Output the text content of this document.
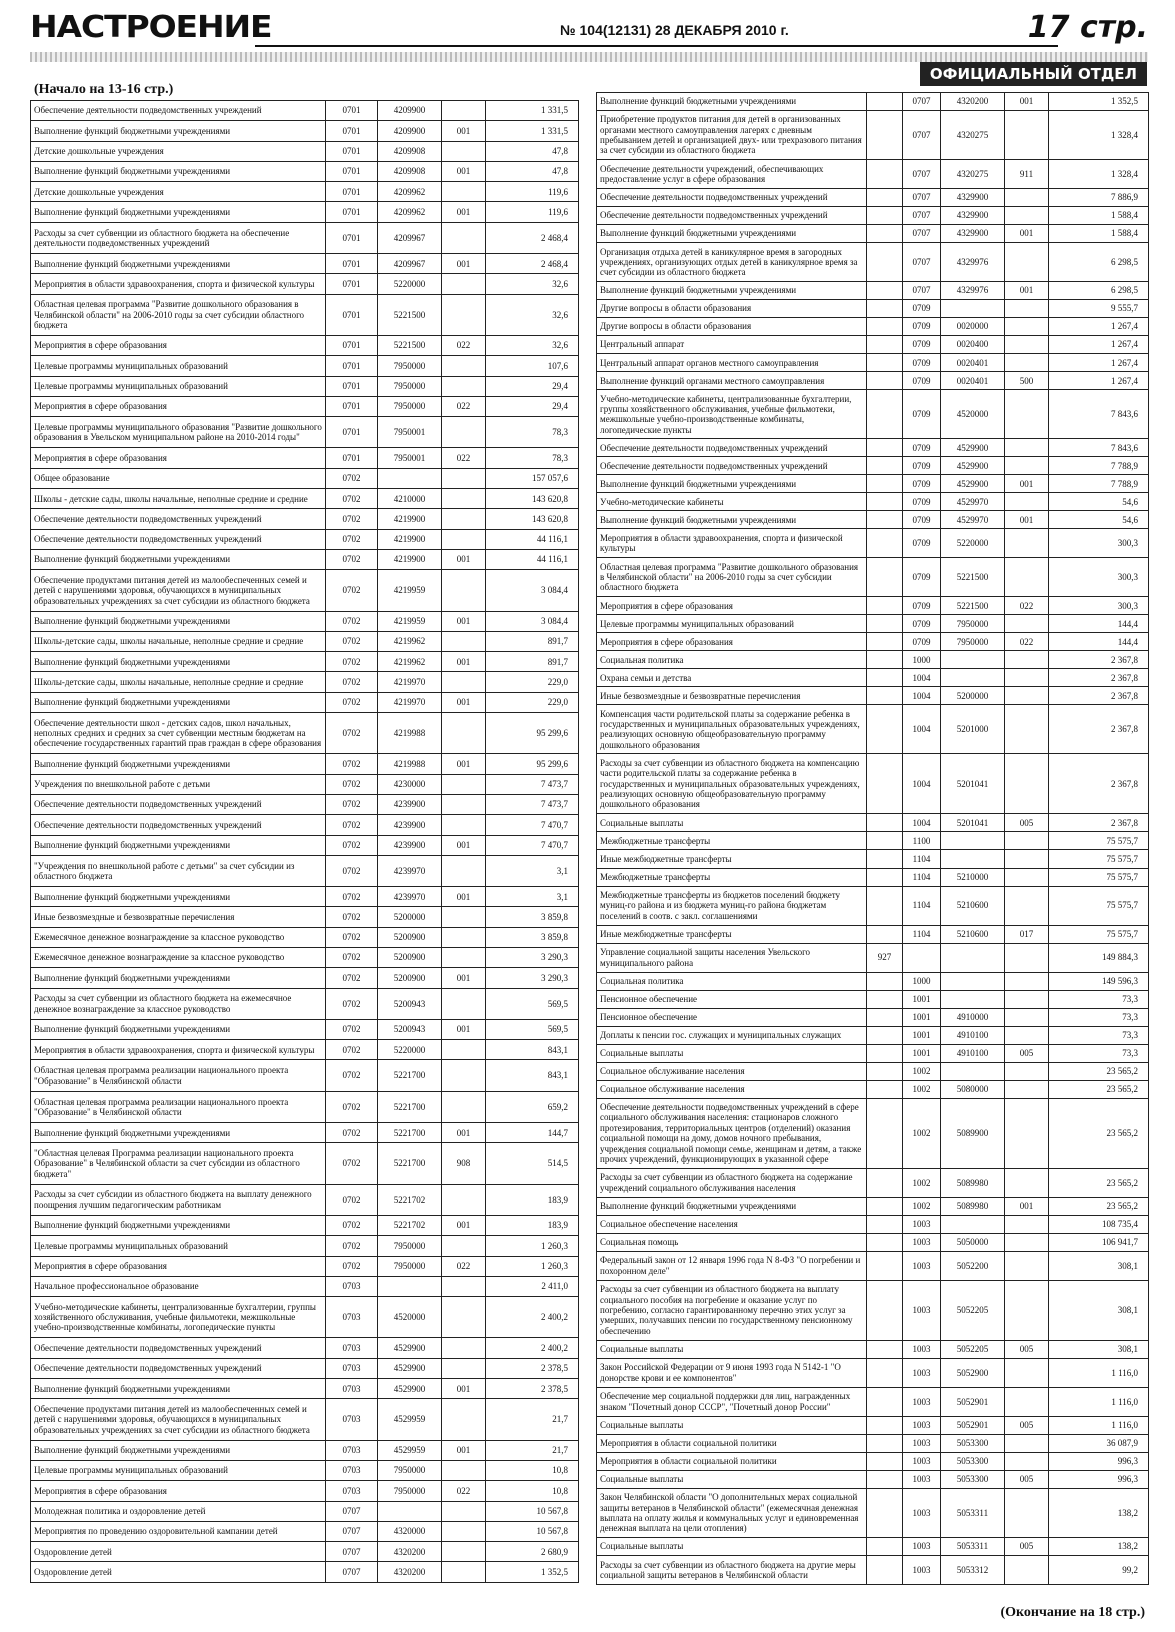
НАСТРОЕНИЕ	№ 104(12131) 28 ДЕКАБРЯ 2010 г.	17 стр.
ОФИЦИАЛЬНЫЙ ОТДЕЛ
(Начало на 13-16 стр.)
Обеспечение деятельности подведомственных учреждений		0701	4209900		1 331,5
Выполнение функций бюджетными учреждениями		0701	4209900	001	1 331,5
Детские дошкольные учреждения		0701	4209908		47,8
Выполнение функций бюджетными учреждениями		0701	4209908	001	47,8
Детские дошкольные учреждения		0701	4209962		119,6
Выполнение функций бюджетными учреждениями		0701	4209962	001	119,6
Расходы за счет субвенции из областного бюджета на обеспечение деятельности подведомственных учреждений		0701	4209967		2 468,4
Выполнение функций бюджетными учреждениями		0701	4209967	001	2 468,4
Мероприятия в области здравоохранения, спорта и физической культуры		0701	5220000		32,6
Областная целевая программа "Развитие дошкольного образования в Челябинской области" на 2006-2010 годы за счет субсидии областного бюджета		0701	5221500		32,6
Мероприятия в сфере образования		0701	5221500	022	32,6
Целевые программы муниципальных образований		0701	7950000		107,6
Целевые программы муниципальных образований		0701	7950000		29,4
Мероприятия в сфере образования		0701	7950000	022	29,4
Целевые программы муниципального образования "Развитие дошкольного образования в Увельском муниципальном районе на 2010-2014 годы"		0701	7950001		78,3
Мероприятия в сфере образования		0701	7950001	022	78,3
Общее образование		0702			157 057,6
Школы - детские сады, школы начальные, неполные средние и средние		0702	4210000		143 620,8
Обеспечение деятельности подведомственных учреждений		0702	4219900		143 620,8
Обеспечение деятельности подведомственных учреждений		0702	4219900		44 116,1
Выполнение функций бюджетными учреждениями		0702	4219900	001	44 116,1
Обеспечение продуктами питания детей из малообеспеченных семей и детей с нарушениями здоровья, обучающихся в муниципальных образовательных учреждениях за счет субсидии из областного бюджета		0702	4219959		3 084,4
Выполнение функций бюджетными учреждениями		0702	4219959	001	3 084,4
Школы-детские сады, школы начальные, неполные средние и средние		0702	4219962		891,7
Выполнение функций бюджетными учреждениями		0702	4219962	001	891,7
Школы-детские сады, школы начальные, неполные средние и средние		0702	4219970		229,0
Выполнение функций бюджетными учреждениями		0702	4219970	001	229,0
Обеспечение деятельности школ - детских садов, школ начальных, неполных средних и средних за счет субвенции местным бюджетам на обеспечение государственных гарантий прав граждан в сфере образования		0702	4219988		95 299,6
Выполнение функций бюджетными учреждениями		0702	4219988	001	95 299,6
Учреждения по внешкольной работе с детьми		0702	4230000		7 473,7
Обеспечение деятельности подведомственных учреждений		0702	4239900		7 473,7
Обеспечение деятельности подведомственных учреждений		0702	4239900		7 470,7
Выполнение функций бюджетными учреждениями		0702	4239900	001	7 470,7
"Учреждения по внешкольной работе с детьми" за счет субсидии из областного бюджета		0702	4239970		3,1
Выполнение функций бюджетными учреждениями		0702	4239970	001	3,1
Иные безвозмездные и безвозвратные перечисления		0702	5200000		3 859,8
Ежемесячное денежное вознаграждение за классное руководство		0702	5200900		3 859,8
Ежемесячное денежное вознаграждение за классное руководство		0702	5200900		3 290,3
Выполнение функций бюджетными учреждениями		0702	5200900	001	3 290,3
Расходы за счет субвенции из областного бюджета на ежемесячное денежное вознаграждение за классное руководство		0702	5200943		569,5
Выполнение функций бюджетными учреждениями		0702	5200943	001	569,5
Мероприятия в области здравоохранения, спорта и физической культуры		0702	5220000		843,1
Областная целевая программа реализации национального проекта "Образование" в Челябинской области		0702	5221700		843,1
Областная целевая программа реализации национального проекта "Образование" в Челябинской области		0702	5221700		659,2
Выполнение функций бюджетными учреждениями		0702	5221700	001	144,7
"Областная целевая Программа реализации национального проекта Образование" в Челябинской области за счет субсидии из областного бюджета"		0702	5221700	908	514,5
Расходы за счет субсидии из областного бюджета на выплату денежного поощрения лучшим педагогическим работникам		0702	5221702		183,9
Выполнение функций бюджетными учреждениями		0702	5221702	001	183,9
Целевые программы муниципальных образований		0702	7950000		1 260,3
Мероприятия в сфере образования		0702	7950000	022	1 260,3
Начальное профессиональное образование		0703			2 411,0
Учебно-методические кабинеты, централизованные бухгалтерии, группы хозяйственного обслуживания, учебные фильмотеки, межшкольные учебно-производственные комбинаты, логопедические пункты		0703	4520000		2 400,2
Обеспечение деятельности подведомственных учреждений		0703	4529900		2 400,2
Обеспечение деятельности подведомственных учреждений		0703	4529900		2 378,5
Выполнение функций бюджетными учреждениями		0703	4529900	001	2 378,5
Обеспечение продуктами питания детей из малообеспеченных семей и детей с нарушениями здоровья, обучающихся в муниципальных образовательных учреждениях за счет субсидии из областного бюджета		0703	4529959		21,7
Выполнение функций бюджетными учреждениями		0703	4529959	001	21,7
Целевые программы муниципальных образований		0703	7950000		10,8
Мероприятия в сфере образования		0703	7950000	022	10,8
Молодежная политика и оздоровление детей		0707			10 567,8
Мероприятия по проведению оздоровительной кампании детей		0707	4320000		10 567,8
Оздоровление детей		0707	4320200		2 680,9
Оздоровление детей		0707	4320200		1 352,5
Выполнение функций бюджетными учреждениями		0707	4320200	001	1 352,5
Приобретение продуктов питания для детей в организованных органами местного самоуправления лагерях с дневным пребыванием детей и организацией двух- или трехразового питания за счет субсидии из областного бюджета		0707	4320275		1 328,4
Обеспечение деятельности учреждений, обеспечивающих предоставление услуг в сфере образования		0707	4320275	911	1 328,4
Обеспечение деятельности подведомственных учреждений		0707	4329900		7 886,9
Обеспечение деятельности подведомственных учреждений		0707	4329900		1 588,4
Выполнение функций бюджетными учреждениями		0707	4329900	001	1 588,4
Организация отдыха детей в каникулярное время в загородных учреждениях, организующих отдых детей в каникулярное время за счет субсидии из областного бюджета		0707	4329976		6 298,5
Выполнение функций бюджетными учреждениями		0707	4329976	001	6 298,5
Другие вопросы в области образования		0709			9 555,7
Другие вопросы в области образования		0709	0020000		1 267,4
Центральный аппарат		0709	0020400		1 267,4
Центральный аппарат органов местного самоуправления		0709	0020401		1 267,4
Выполнение функций органами местного самоуправления		0709	0020401	500	1 267,4
Учебно-методические кабинеты, централизованные бухгалтерии, группы хозяйственного обслуживания, учебные фильмотеки, межшкольные учебно-производственные комбинаты, логопедические пункты		0709	4520000		7 843,6
Обеспечение деятельности подведомственных учреждений		0709	4529900		7 843,6
Обеспечение деятельности подведомственных учреждений		0709	4529900		7 788,9
Выполнение функций бюджетными учреждениями		0709	4529900	001	7 788,9
Учебно-методические кабинеты		0709	4529970		54,6
Выполнение функций бюджетными учреждениями		0709	4529970	001	54,6
Мероприятия в области здравоохранения, спорта и физической культуры		0709	5220000		300,3
Областная целевая программа "Развитие дошкольного образования в Челябинской области" на 2006-2010 годы за счет субсидии областного бюджета		0709	5221500		300,3
Мероприятия в сфере образования		0709	5221500	022	300,3
Целевые программы муниципальных образований		0709	7950000		144,4
Мероприятия в сфере образования		0709	7950000	022	144,4
Социальная политика		1000			2 367,8
Охрана семьи и детства		1004			2 367,8
Иные безвозмездные и безвозвратные перечисления		1004	5200000		2 367,8
Компенсация части родительской платы за содержание ребенка в государственных и муниципальных образовательных учреждениях, реализующих основную общеобразовательную программу дошкольного образования		1004	5201000		2 367,8
Расходы за счет субвенции из областного бюджета на компенсацию части родительской платы за содержание ребенка в государственных и муниципальных образовательных учреждениях, реализующих основную общеобразовательную программу дошкольного образования		1004	5201041		2 367,8
Социальные выплаты		1004	5201041	005	2 367,8
Межбюджетные трансферты		1100			75 575,7
Иные межбюджетные трансферты		1104			75 575,7
Межбюджетные трансферты		1104	5210000		75 575,7
Межбюджетные трансферты из бюджетов поселений бюджету муниц-го района и из бюджета муниц-го района бюджетам поселений в соотв. с закл. соглашениями		1104	5210600		75 575,7
Иные межбюджетные трансферты		1104	5210600	017	75 575,7
Управление социальной защиты населения Увельского муниципального района	927				149 884,3
Социальная политика		1000			149 596,3
Пенсионное обеспечение		1001			73,3
Пенсионное обеспечение		1001	4910000		73,3
Доплаты к пенсии гос. служащих и муниципальных служащих		1001	4910100		73,3
Социальные выплаты		1001	4910100	005	73,3
Социальное обслуживание населения		1002			23 565,2
Социальное обслуживание населения		1002	5080000		23 565,2
Обеспечение деятельности подведомственных учреждений в сфере социального обслуживания населения: стационаров сложного протезирования, территориальных центров (отделений) оказания социальной помощи на дому, домов ночного пребывания, учреждения социальной помощи семье, женщинам и детям, а также прочих учреждений, функционирующих в указанной сфере		1002	5089900		23 565,2
Расходы за счет субвенции из областного бюджета на содержание учреждений социального обслуживания населения		1002	5089980		23 565,2
Выполнение функций бюджетными учреждениями		1002	5089980	001	23 565,2
Социальное обеспечение населения		1003			108 735,4
Социальная помощь		1003	5050000		106 941,7
Федеральный закон от 12 января 1996 года N 8-ФЗ "О погребении и похоронном деле"		1003	5052200		308,1
Расходы за счет субвенции из областного бюджета на выплату социального пособия на погребение и оказание услуг по погребению, согласно гарантированному перечню этих услуг за умерших, получавших пенсии по государственному пенсионному обеспечению		1003	5052205		308,1
Социальные выплаты		1003	5052205	005	308,1
Закон Российской Федерации от 9 июня 1993 года N 5142-1 "О донорстве крови и ее компонентов"		1003	5052900		1 116,0
Обеспечение мер социальной поддержки для лиц, награжденных знаком "Почетный донор СССР", "Почетный донор России"		1003	5052901		1 116,0
Социальные выплаты		1003	5052901	005	1 116,0
Мероприятия в области социальной политики		1003	5053300		36 087,9
Мероприятия в области социальной политики		1003	5053300		996,3
Социальные выплаты		1003	5053300	005	996,3
Закон Челябинской области "О дополнительных мерах социальной защиты ветеранов в Челябинской области" (ежемесячная денежная выплата на оплату жилья и коммунальных услуг и единовременная денежная выплата на цели отопления)		1003	5053311		138,2
Социальные выплаты		1003	5053311	005	138,2
Расходы за счет субвенции из областного бюджета на другие меры социальной защиты ветеранов в Челябинской области		1003	5053312		99,2
(Окончание на 18 стр.)
